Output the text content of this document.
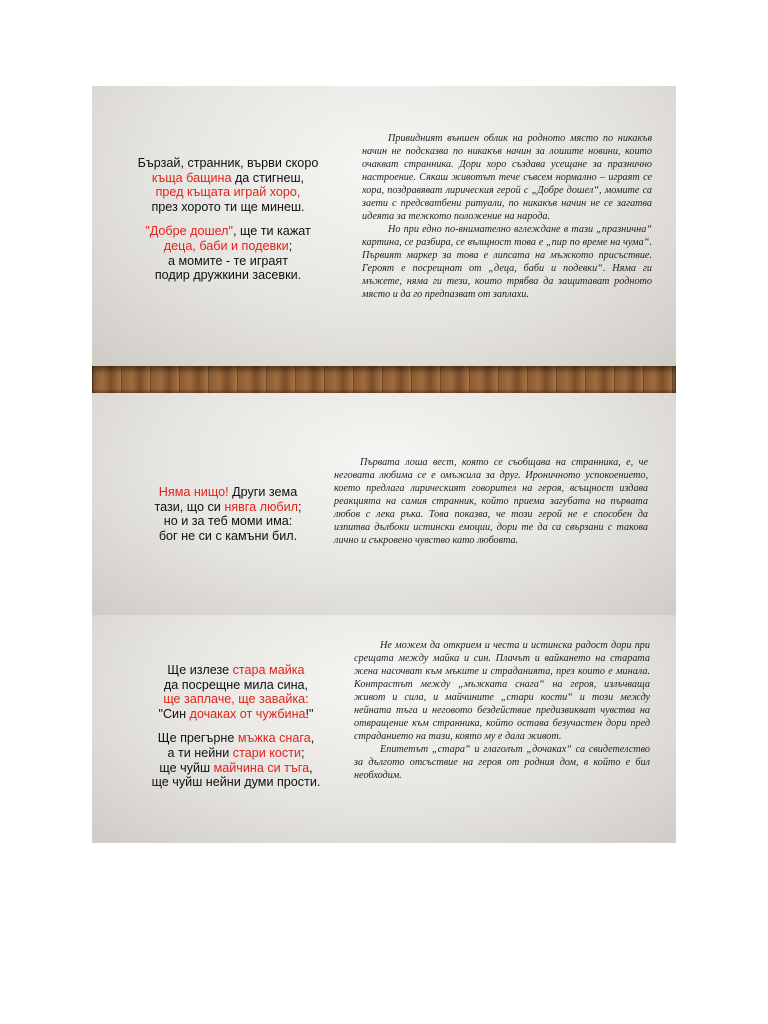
Бързай, странник, върви скоро
къща бащина да стигнеш,
пред къщата играй хоро,
през хорото ти ще минеш.
"Добре дошел", ще ти кажат
деца, баби и подевки;
а момите - те играят
подир дружкини засевки.

Привидният външен облик на родното място по никакъв начин не подсказва по никакъв начин за лошите новини, които очакват странника. Дори хоро създава усещане за празнично настроение. Сякаш животът тече съвсем нормално – играят се хора, поздравяват лирическия герой с „Добре дошел“, момите са заети с предсватбени ритуали, по никакъв начин не се загатва идеята за тежкото положение на народа.

Но при едно по-внимателно вглеждане в тази „празнична“ картина, се разбира, се вълщност това е „пир по време на чума“. Първият маркер за това е липсата на мъжкото присъствие. Героят е посрещнат от „деца, баби и подевки“. Няма ги мъжете, няма ги тези, които трябва да защитават родното място и да го предпазват от заплахи.

Няма нищо! Други зема
тази, що си нявга любил;
но и за теб моми има:
бог не си с камъни бил.

Първата лоша вест, която се съобщава на странника, е, че неговата любима се е омъжила за друг. Ироничното успокоението, което предлага лирическият говорител на героя, всъщност издава реакцията на самия странник, който приема загубата на първата любов с лека ръка. Това показва, че този герой не е способен да изпитва дълбоки истински емоции, дори те да са свързани с такова лично и съкровено чувство като любовта.

Ще излезе стара майка
да посрещне мила сина,
ще заплаче, ще завайка:
"Син дочакаx от чужбина!"
Ще прегърне мъжка снага,
а ти нейни стари кости;
ще чуйш майчина си тъга,
ще чуйш нейни думи прости.

Не можем да открием и честа и истинска радост дори при срещата между майка и син. Плачът и вайкането на старата жена насочват към мъките и страданията, през които е минала. Контрастът между „мъжката снага“ на героя, излъчваща живот и сила, и майчините „стари кости“ и този между нейната тъга и неговото бездействие предизвикват чувства на отвращение към странника, който остава безучастен дори пред страданието на тази, която му е дала живот.

Епитетът „стара“ и глаголът „дочаках“ са свидетелство за дългото отсъствие на героя от родния дом, в който е бил необходим.
